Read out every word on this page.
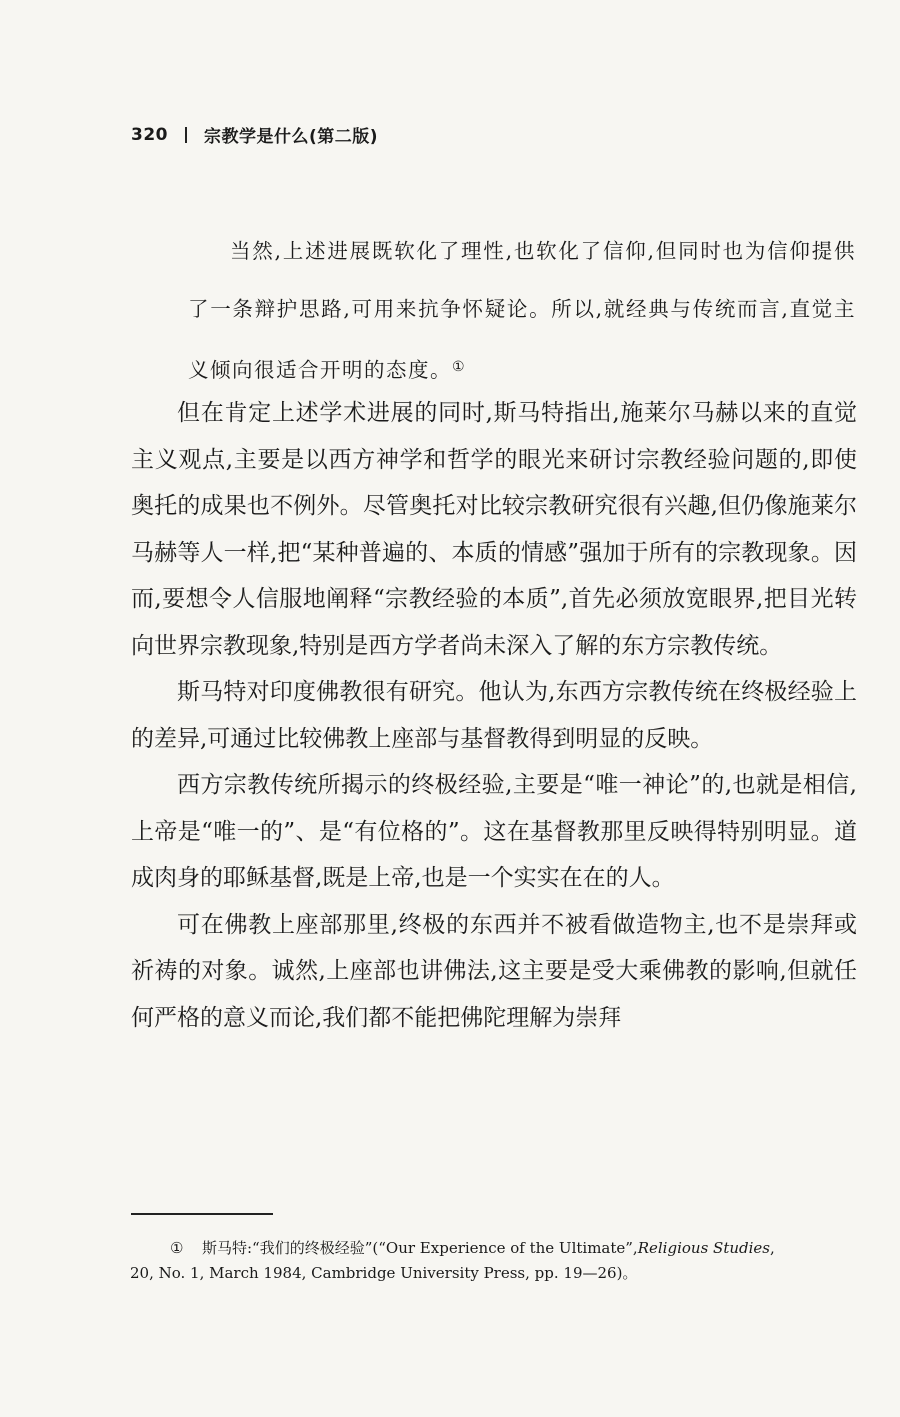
320 宗教学是什么(第二版)

当然,上述进展既软化了理性,也软化了信仰,但同时也为信仰提供了一条辩护思路,可用来抗争怀疑论。所以,就经典与传统而言,直觉主义倾向很适合开明的态度。①

但在肯定上述学术进展的同时,斯马特指出,施莱尔马赫以来的直觉主义观点,主要是以西方神学和哲学的眼光来研讨宗教经验问题的,即使奥托的成果也不例外。尽管奥托对比较宗教研究很有兴趣,但仍像施莱尔马赫等人一样,把“某种普遍的、本质的情感”强加于所有的宗教现象。因而,要想令人信服地阐释“宗教经验的本质”,首先必须放宽眼界,把目光转向世界宗教现象,特别是西方学者尚未深入了解的东方宗教传统。

斯马特对印度佛教很有研究。他认为,东西方宗教传统在终极经验上的差异,可通过比较佛教上座部与基督教得到明显的反映。

西方宗教传统所揭示的终极经验,主要是“唯一神论”的,也就是相信,上帝是“唯一的”、是“有位格的”。这在基督教那里反映得特别明显。道成肉身的耶稣基督,既是上帝,也是一个实实在在的人。

可在佛教上座部那里,终极的东西并不被看做造物主,也不是崇拜或祈祷的对象。诚然,上座部也讲佛法,这主要是受大乘佛教的影响,但就任何严格的意义而论,我们都不能把佛陀理解为崇拜

① 斯马特:“我们的终极经验”(“Our Experience of the Ultimate”,Religious Studies,
20, No. 1, March 1984, Cambridge University Press, pp. 19—26)。
